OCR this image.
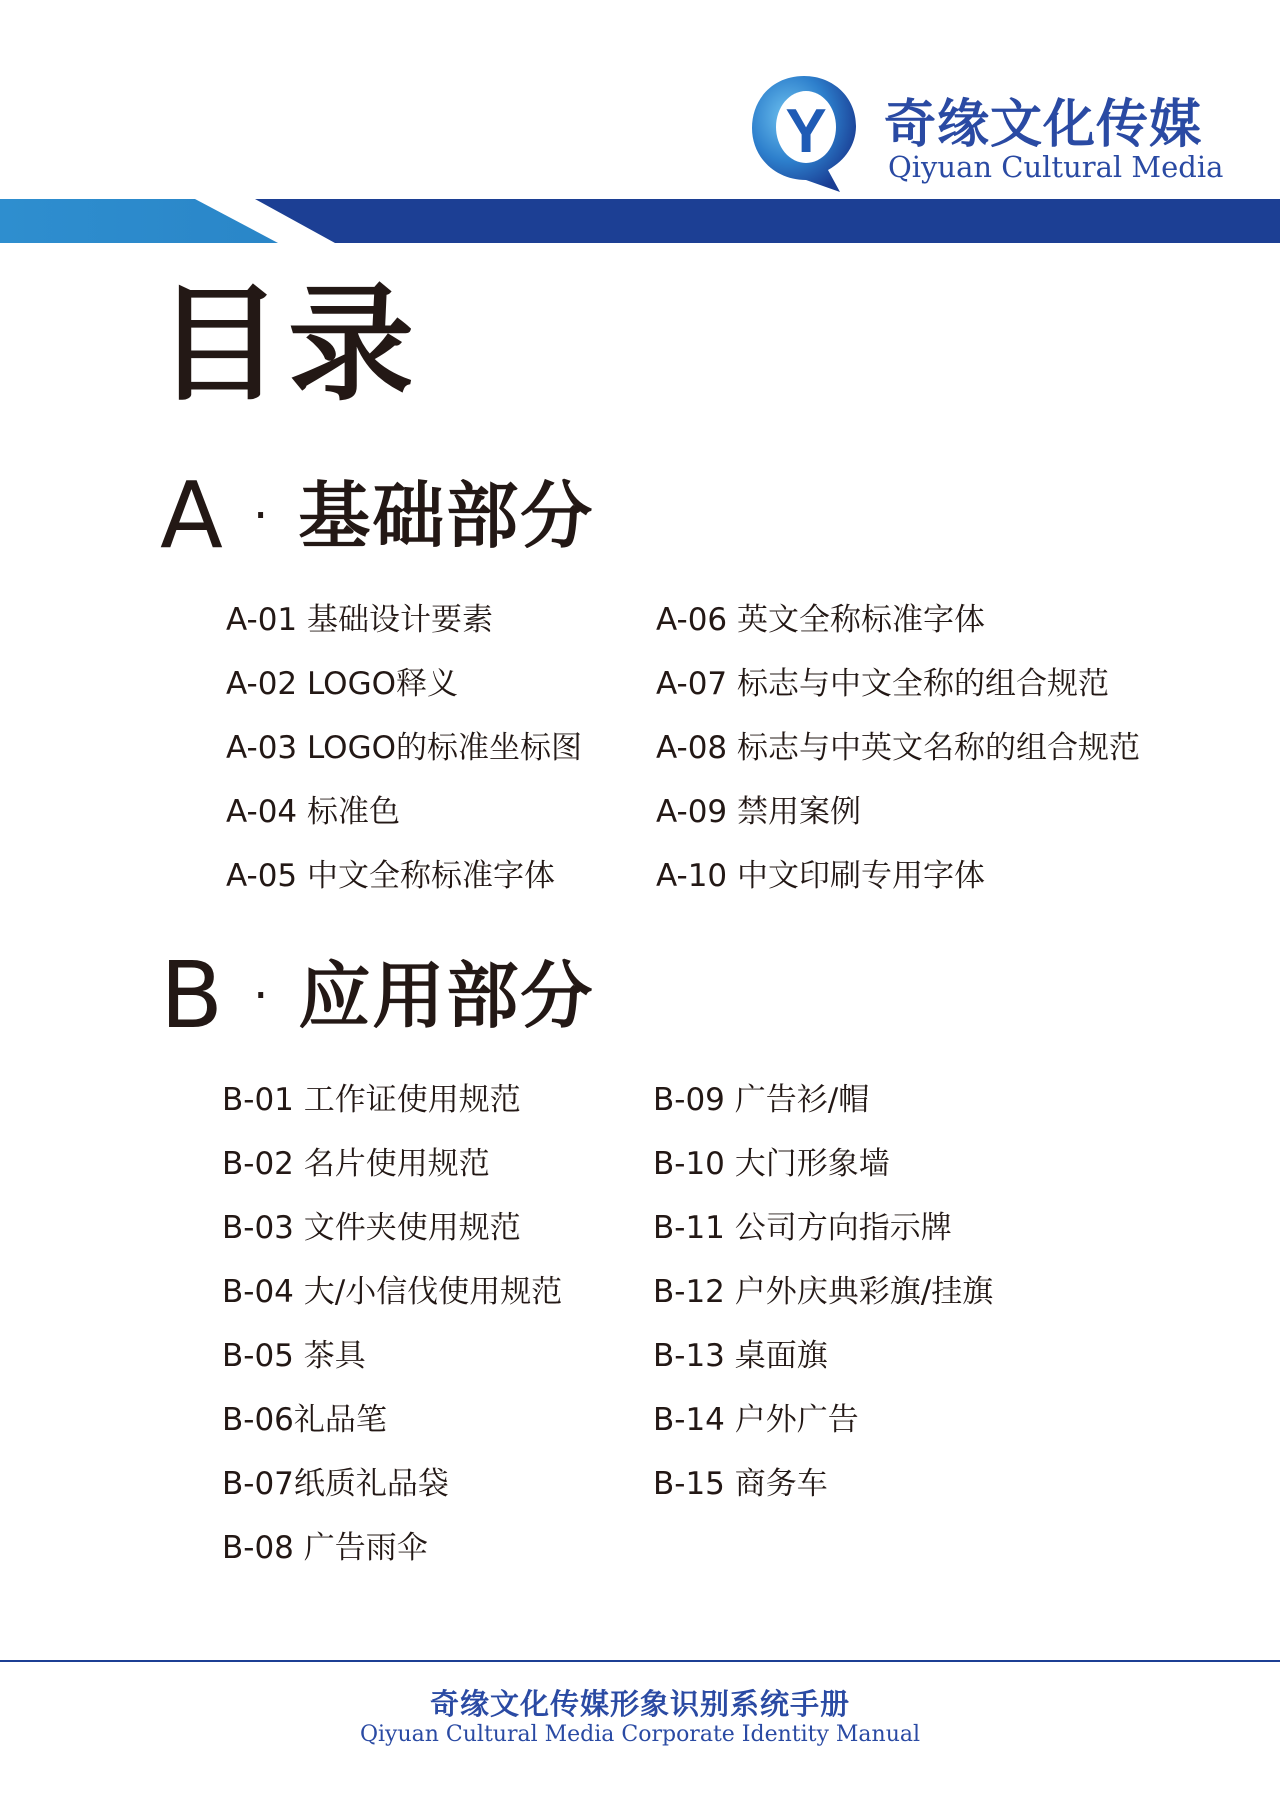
Y 奇缘文化传媒
Qiyuan Cultural Media
目录
A · 基础部分
A-01 基础设计要素
A-02 LOGO释义
A-03 LOGO的标准坐标图
A-04 标准色
A-05 中文全称标准字体
A-06 英文全称标准字体
A-07 标志与中文全称的组合规范
A-08 标志与中英文名称的组合规范
A-09 禁用案例
A-10 中文印刷专用字体
B · 应用部分
B-01 工作证使用规范
B-02 名片使用规范
B-03 文件夹使用规范
B-04 大/小信伐使用规范
B-05 茶具
B-06礼品笔
B-07纸质礼品袋
B-08 广告雨伞
B-09 广告衫/帽
B-10 大门形象墙
B-11 公司方向指示牌
B-12 户外庆典彩旗/挂旗
B-13 桌面旗
B-14 户外广告
B-15 商务车
奇缘文化传媒形象识别系统手册
Qiyuan Cultural Media Corporate Identity Manual
